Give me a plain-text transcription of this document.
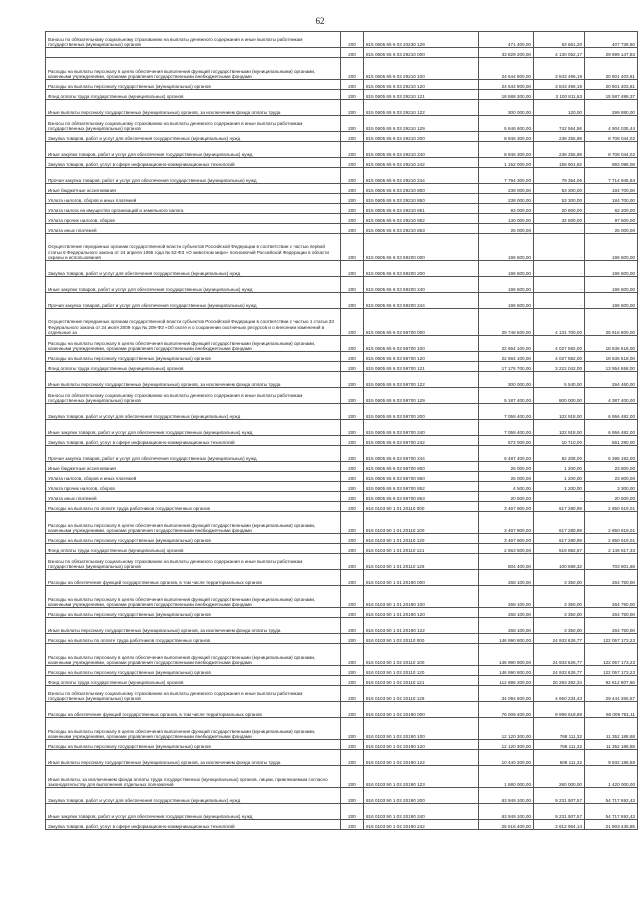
62
Взносы по обязательному социальному страхованию на выплаты денежного содержания и иные выплаты работникам государственных (муниципальных) органов	200	815 0605 65 6 03 20230 129	471 400,00	63 661,20	407 738,80
	200	815 0605 65 6 03 29210 000	33 829 200,00	4 130 052,17	29 699 147,83
Расходы на выплаты персоналу в целях обеспечения выполнения функций государственными (муниципальными) органами, казенными учреждениями, органами управления государственными внебюджетными фондами	200	815 0605 65 6 03 29210 100	24 644 900,00	3 843 496,19	20 801 403,81
Расходы на выплаты персоналу государственных (муниципальных) органов	200	815 0605 65 6 03 29210 120	24 644 900,00	3 843 496,19	20 801 403,81
Фонд оплаты труда государственных (муниципальных) органов	200	815 0605 65 6 03 29210 121	18 688 300,00	3 100 811,63	15 587 488,37
Иные выплаты персоналу государственных (муниципальных) органов, за исключением фонда оплаты труда	200	815 0605 65 6 03 29210 122	300 000,00	120,00	299 880,00
Взносы по обязательному социальному страхованию на выплаты денежного содержания и иные выплаты работникам государственных (муниципальных) органов	200	815 0605 65 6 03 29210 129	5 646 600,00	742 564,56	4 904 035,44
Закупка товаров, работ и услуг для обеспечения государственных (муниципальных) нужд	200	815 0605 65 6 03 29210 200	8 946 300,00	238 255,98	8 708 044,02
Иные закупки товаров, работ и услуг для обеспечения государственных (муниципальных) нужд	200	815 0605 65 6 03 29210 240	8 946 300,00	238 255,98	8 708 044,02
Закупка товаров, работ, услуг в сфере информационно-коммуникационных технологий	200	815 0605 65 6 03 29210 242	1 152 000,00	158 901,92	993 098,08
Прочая закупка товаров, работ и услуг для обеспечения государственных (муниципальных) нужд	200	815 0605 65 6 03 29210 244	7 794 300,00	79 354,06	7 714 945,94
Иные бюджетные ассигнования	200	815 0605 65 6 03 29210 800	238 000,00	53 300,00	184 700,00
Уплата налогов, сборов и иных платежей	200	815 0605 65 6 03 29210 850	238 000,00	53 300,00	184 700,00
Уплата налога на имущество организаций и земельного налога	200	815 0605 65 6 03 29210 851	83 000,00	20 800,00	62 200,00
Уплата прочих налогов, сборов	200	815 0605 65 6 03 29210 852	130 000,00	32 500,00	97 500,00
Уплата иных платежей	200	815 0605 65 6 03 29210 853	25 000,00	-	25 000,00
Осуществление переданных органам государственной власти субъектов Российской Федерации в соответствии с частью первой статьи 6 Федерального закона от 24 апреля 1995 года № 52-ФЗ «О животном мире» полномочий Российской Федерации в области охраны и использования	200	815 0605 65 6 03 59200 000	186 600,00	-	186 600,00
Закупка товаров, работ и услуг для обеспечения государственных (муниципальных) нужд	200	815 0605 65 6 03 59200 200	186 600,00	-	186 600,00
Иные закупки товаров, работ и услуг для обеспечения государственных (муниципальных) нужд	200	815 0605 65 6 03 59200 240	186 600,00	-	186 600,00
Прочая закупка товаров, работ и услуг для обеспечения государственных (муниципальных) нужд	200	815 0605 65 6 03 59200 244	186 600,00	-	186 600,00
Осуществление переданных органам государственной власти субъектов Российской Федерации в соответствии с частью 1 статьи 33 Федерального закона от 24 июля 2009 года № 209-ФЗ «Об охоте и о сохранении охотничьих ресурсов и о внесении изменений в отдельные за	200	815 0605 65 6 03 59700 000	29 748 500,00	4 131 700,00	25 616 800,00
Расходы на выплаты персоналу в целях обеспечения выполнения функций государственными (муниципальными) органами, казенными учреждениями, органами управления государственными внебюджетными фондами	200	815 0605 65 6 03 59700 100	22 664 100,00	4 027 582,00	18 636 518,00
Расходы на выплаты персоналу государственных (муниципальных) органов	200	815 0605 65 6 03 59700 120	22 664 100,00	4 027 582,00	18 636 518,00
Фонд оплаты труда государственных (муниципальных) органов	200	815 0605 65 6 03 59700 121	17 176 700,00	3 222 042,00	13 954 658,00
Иные выплаты персоналу государственных (муниципальных) органов, за исключением фонда оплаты труда	200	815 0605 65 6 03 59700 122	300 000,00	5 540,00	294 460,00
Взносы по обязательному социальному страхованию на выплаты денежного содержания и иные выплаты работникам государственных (муниципальных) органов	200	815 0605 65 6 03 59700 129	5 187 400,00	800 000,00	4 387 400,00
Закупка товаров, работ и услуг для обеспечения государственных (муниципальных) нужд	200	815 0605 65 6 03 59700 200	7 059 400,00	102 918,00	6 956 482,00
Иные закупки товаров, работ и услуг для обеспечения государственных (муниципальных) нужд	200	815 0605 65 6 03 59700 240	7 059 400,00	102 918,00	6 956 482,00
Закупка товаров, работ, услуг в сфере информационно-коммуникационных технологий	200	815 0605 65 6 03 59700 242	572 000,00	10 710,00	561 290,00
Прочая закупка товаров, работ и услуг для обеспечения государственных (муниципальных) нужд	200	815 0605 65 6 03 59700 244	6 487 400,00	92 208,00	6 395 192,00
Иные бюджетные ассигнования	200	815 0605 65 6 03 59700 800	25 000,00	1 200,00	23 800,00
Уплата налогов, сборов и иных платежей	200	815 0605 65 6 03 59700 850	25 000,00	1 200,00	23 800,00
Уплата прочих налогов, сборов	200	815 0605 65 6 03 59700 852	4 500,00	1 200,00	3 300,00
Уплата иных платежей	200	815 0605 65 6 03 59700 853	20 500,00	-	20 500,00
Расходы на выплаты по оплате труда работников государственных органов	200	816 0103 90 1 01 20110 000	3 467 900,00	617 280,99	2 850 619,01
Расходы на выплаты персоналу в целях обеспечения выполнения функций государственными (муниципальными) органами, казенными учреждениями, органами управления государственными внебюджетными фондами	200	816 0103 90 1 01 20110 100	3 467 900,00	617 280,99	2 850 619,01
Расходы на выплаты персоналу государственных (муниципальных) органов	200	816 0103 90 1 01 20110 120	3 467 900,00	617 280,99	2 850 619,01
Фонд оплаты труда государственных (муниципальных) органов	200	816 0103 90 1 01 20110 121	2 663 500,00	516 682,67	2 146 817,33
Взносы по обязательному социальному страхованию на выплаты денежного содержания и иные выплаты работникам государственных (муниципальных) органов	200	816 0103 90 1 01 20110 129	804 400,00	100 598,32	703 801,68
Расходы на обеспечение функций государственных органов, в том числе территориальных органов	200	816 0103 90 1 01 20190 000	268 100,00	3 350,00	264 750,00
Расходы на выплаты персоналу в целях обеспечения выполнения функций государственными (муниципальными) органами, казенными учреждениями, органами управления государственными внебюджетными фондами	200	816 0103 90 1 01 20190 100	268 100,00	3 350,00	264 750,00
Расходы на выплаты персоналу государственных (муниципальных) органов	200	816 0103 90 1 01 20190 120	268 100,00	3 350,00	264 750,00
Иные выплаты персоналу государственных (муниципальных) органов, за исключением фонда оплаты труда	200	816 0103 90 1 01 20190 122	268 100,00	3 350,00	264 750,00
Расходы на выплаты по оплате труда работников государственных органов	200	816 0103 90 1 02 20110 000	146 990 800,00	24 933 626,77	122 057 173,23
Расходы на выплаты персоналу в целях обеспечения выполнения функций государственными (муниципальными) органами, казенными учреждениями, органами управления государственными внебюджетными фондами	200	816 0103 90 1 02 20110 100	146 990 800,00	24 933 626,77	122 057 173,23
Расходы на выплаты персоналу государственных (муниципальных) органов	200	816 0103 90 1 02 20110 120	146 990 800,00	24 933 626,77	122 057 173,23
Фонд оплаты труда государственных (муниципальных) органов	200	816 0103 90 1 02 20110 121	112 896 200,00	20 283 392,34	92 612 807,66
Взносы по обязательному социальному страхованию на выплаты денежного содержания и иные выплаты работникам государственных (муниципальных) органов	200	816 0103 90 1 02 20110 129	34 094 600,00	4 650 234,43	29 444 365,57
Расходы на обеспечение функций государственных органов, в том числе территориальных органов	200	816 0103 90 1 02 20190 000	76 009 400,00	9 999 618,89	66 009 781,11
Расходы на выплаты персоналу в целях обеспечения выполнения функций государственными (муниципальными) органами, казенными учреждениями, органами управления государственными внебюджетными фондами	200	816 0103 90 1 02 20190 100	12 120 300,00	768 111,32	11 352 188,68
Расходы на выплаты персоналу государственных (муниципальных) органов	200	816 0103 90 1 02 20190 120	12 120 300,00	768 111,32	11 352 188,68
Иные выплаты персоналу государственных (муниципальных) органов, за исключением фонда оплаты труда	200	816 0103 90 1 02 20190 122	10 440 300,00	508 111,32	9 932 188,68
Иные выплаты, за исключением фонда оплаты труда государственных (муниципальных) органов, лицам, привлекаемым согласно законодательству для выполнения отдельных полномочий	200	816 0103 90 1 02 20190 123	1 680 000,00	260 000,00	1 420 000,00
Закупка товаров, работ и услуг для обеспечения государственных (муниципальных) нужд	200	816 0103 90 1 02 20190 200	63 949 100,00	9 231 507,57	54 717 592,43
Иные закупки товаров, работ и услуг для обеспечения государственных (муниципальных) нужд	200	816 0103 90 1 02 20190 240	63 949 100,00	9 231 507,57	54 717 592,43
Закупка товаров, работ, услуг в сфере информационно-коммуникационных технологий	200	816 0103 90 1 02 20190 242	25 516 400,00	3 612 964,14	21 903 435,86
